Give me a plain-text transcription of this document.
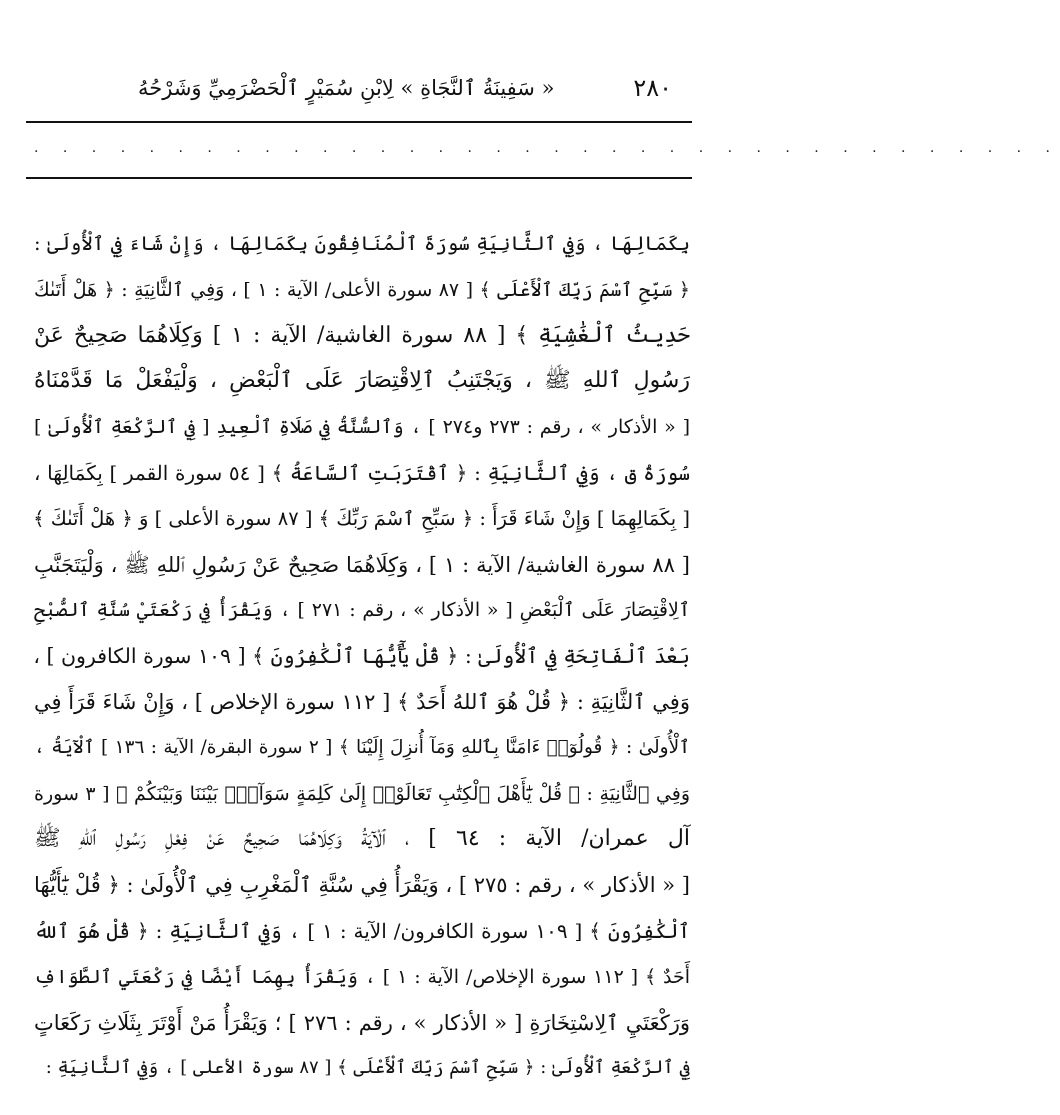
٢٨٠
« سَفِينَةُ ٱلنَّجَاةِ » لِابْنِ سُمَيْرٍ ٱلْحَضْرَمِيِّ وَشَرْحُهُ
. . . . . . . . . . . . . . . . . . . . . . . . . . . . . . . . . . . .
بِكَمَالِهَا ، وَفِي ٱلثَّانِيَةِ سُورَةَ ٱلْمُنَافِقُونَ بِكَمَالِهَا ، وَإِنْ شَاءَ فِي ٱلْأُولَىٰ :
﴿ سَبِّحِ ٱسْمَ رَبِّكَ ٱلْأَعْلَى ﴾ [ ٨٧ سورة الأعلى/ الآية : ١ ] ، وَفِي ٱلثَّانِيَةِ : ﴿ هَلْ أَتَىٰكَ
حَدِيثُ ٱلْغَٰشِيَةِ ﴾ [ ٨٨ سورة الغاشية/ الآية : ١ ] وَكِلَاهُمَا صَحِيحٌ عَنْ
رَسُولِ ٱللهِ ﷺ ، وَيَجْتَنِبُ ٱلِاقْتِصَارَ عَلَى ٱلْبَعْضِ ، وَلْيَفْعَلْ مَا قَدَّمْنَاهُ
[ « الأذكار » ، رقم : ٢٧٣ و٢٧٤ ] ، وَٱلسُّنَّةُ فِي صَلَاةِ ٱلْعِيدِ [ فِي ٱلرَّكْعَةِ ٱلْأُولَىٰ ]
سُورَةُ ق ، وَفِي ٱلثَّانِيَةِ : ﴿ ٱقْتَرَبَتِ ٱلسَّاعَةُ ﴾ [ ٥٤ سورة القمر ] بِكَمَالِهَا ،
[ بِكَمَالِهِمَا ] وَإِنْ شَاءَ قَرَأَ : ﴿ سَبِّحِ ٱسْمَ رَبِّكَ ﴾ [ ٨٧ سورة الأعلى ] وَ ﴿ هَلْ أَتَىٰكَ ﴾
[ ٨٨ سورة الغاشية/ الآية : ١ ] ، وَكِلَاهُمَا صَحِيحٌ عَنْ رَسُولِ ٱللهِ ﷺ ، وَلْيَتَجَنَّبِ
ٱلِاقْتِصَارَ عَلَى ٱلْبَعْضِ [ « الأذكار » ، رقم : ٢٧١ ] ، وَيَقْرَأُ فِي رَكْعَتَيْ سُنَّةِ ٱلصُّبْحِ
بَعْدَ ٱلْفَاتِحَةِ فِي ٱلْأُولَىٰ : ﴿ قُلْ يَٰٓأَيُّهَا ٱلْكَٰفِرُونَ ﴾ [ ١٠٩ سورة الكافرون ] ،
وَفِي ٱلثَّانِيَةِ : ﴿ قُلْ هُوَ ٱللهُ أَحَدٌ ﴾ [ ١١٢ سورة الإخلاص ] ، وَإِنْ شَاءَ قَرَأَ فِي
ٱلْأُولَىٰ : ﴿ قُولُوٓا۟ ءَامَنَّا بِٱللهِ وَمَآ أُنزِلَ إِلَيْنَا ﴾ [ ٢ سورة البقرة/ الآية : ١٣٦ ] ٱلْآيَةُ ،
وَفِي ٱلثَّانِيَةِ : ﴿ قُلْ يَٰٓأَهْلَ ٱلْكِتَٰبِ تَعَالَوْا۟ إِلَىٰ كَلِمَةٍ سَوَآءٍۭ بَيْنَنَا وَبَيْنَكُمْ ﴾ [ ٣ سورة
آل عمران/ الآية : ٦٤ ] ، ٱلْآيَةُ وَكِلَاهُمَا صَحِيحٌ عَنْ فِعْلِ رَسُولِ ٱللهِ ﷺ
[ « الأذكار » ، رقم : ٢٧٥ ] ، وَيَقْرَأُ فِي سُنَّةِ ٱلْمَغْرِبِ فِي ٱلْأُولَىٰ : ﴿ قُلْ يَٰٓأَيُّهَا
ٱلْكَٰفِرُونَ ﴾ [ ١٠٩ سورة الكافرون/ الآية : ١ ] ، وَفِي ٱلثَّانِيَةِ : ﴿ قُلْ هُوَ ٱللهُ
أَحَدٌ ﴾ [ ١١٢ سورة الإخلاص/ الآية : ١ ] ، وَيَقْرَأُ بِهِمَا أَيْضًا فِي رَكْعَتَيِ ٱلطَّوَافِ
وَرَكْعَتَيِ ٱلِاسْتِخَارَةِ [ « الأذكار » ، رقم : ٢٧٦ ] ؛ وَيَقْرَأُ مَنْ أَوْتَرَ بِثَلَاثِ رَكَعَاتٍ
فِي ٱلرَّكْعَةِ ٱلْأُولَىٰ : ﴿ سَبِّحِ ٱسْمَ رَبِّكَ ٱلْأَعْلَى ﴾ [ ٨٧ سورة الأعلى ] ، وَفِي ٱلثَّانِيَةِ :
